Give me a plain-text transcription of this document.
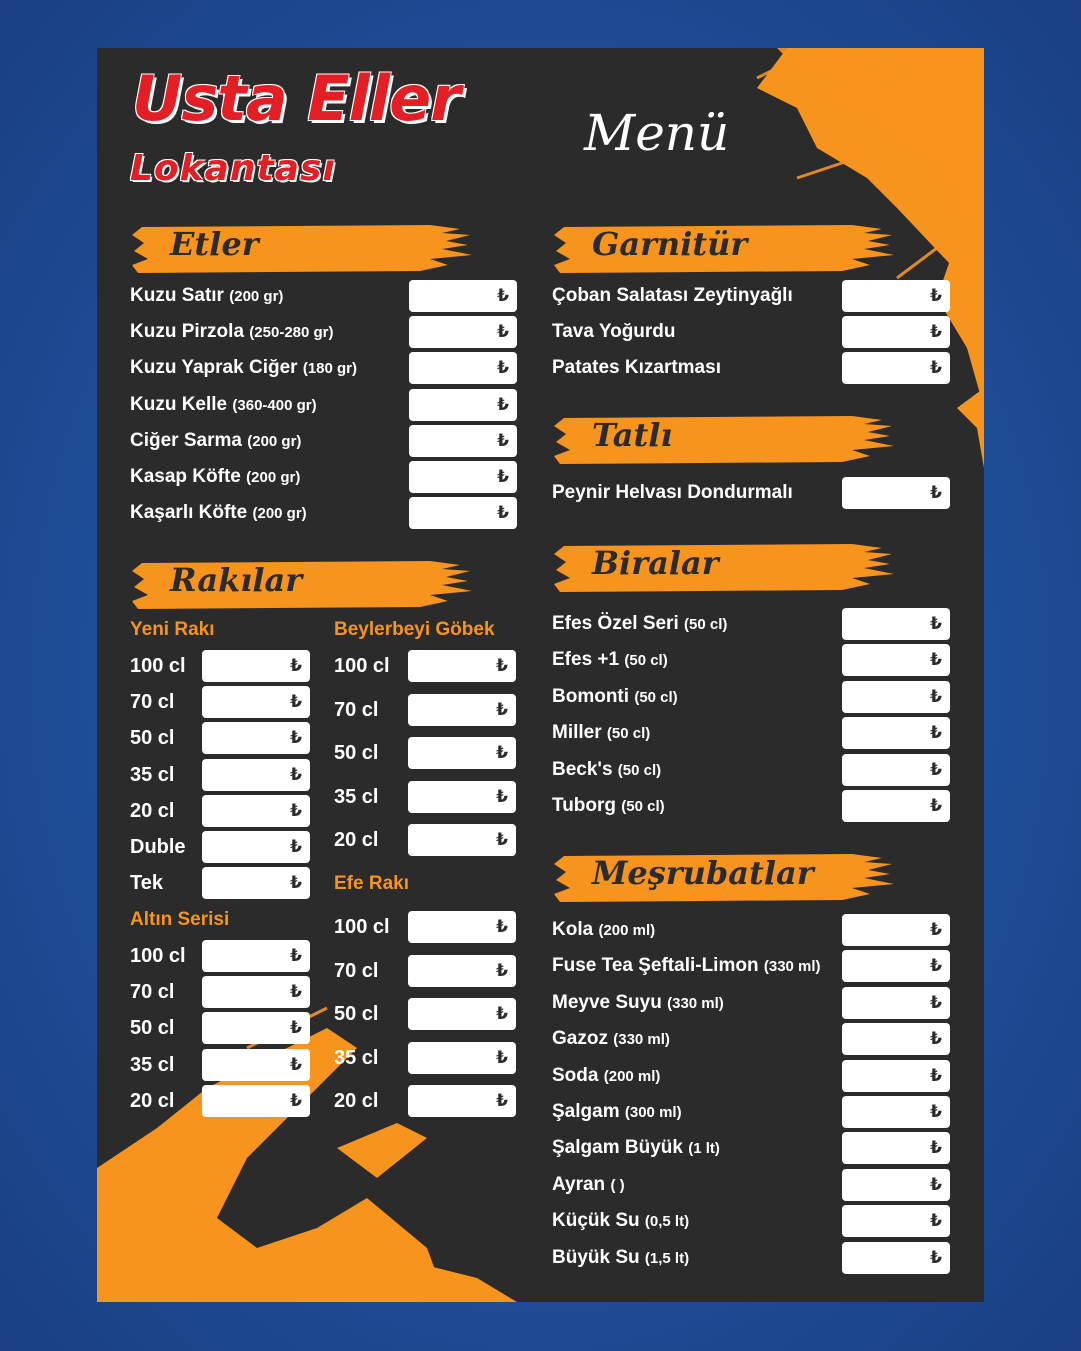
Usta Eller
Lokantası
Menü
Etler
Rakılar
Garnitür
Tatlı
Biralar
Meşrubatlar
Yeni Rakı
Altın Serisi
Beylerbeyi Göbek
Efe Rakı
Kuzu Satır (200 gr)	₺
Kuzu Pirzola (250-280 gr)	₺
Kuzu Yaprak Ciğer (180 gr)	₺
Kuzu Kelle (360-400 gr)	₺
Ciğer Sarma (200 gr)	₺
Kasap Köfte (200 gr)	₺
Kaşarlı Köfte (200 gr)	₺
Çoban Salatası Zeytinyağlı	₺
Tava Yoğurdu	₺
Patates Kızartması	₺
Peynir Helvası Dondurmalı	₺
Efes Özel Seri (50 cl)	₺
Efes +1 (50 cl)	₺
Bomonti (50 cl)	₺
Miller (50 cl)	₺
Beck's (50 cl)	₺
Tuborg (50 cl)	₺
Kola (200 ml)	₺
Fuse Tea Şeftali-Limon (330 ml)	₺
Meyve Suyu (330 ml)	₺
Gazoz (330 ml)	₺
Soda (200 ml)	₺
Şalgam (300 ml)	₺
Şalgam Büyük (1 lt)	₺
Ayran ( )	₺
Küçük Su (0,5 lt)	₺
Büyük Su (1,5 lt)	₺
100 cl	₺
70 cl	₺
50 cl	₺
35 cl	₺
20 cl	₺
Duble	₺
Tek	₺
100 cl	₺
70 cl	₺
50 cl	₺
35 cl	₺
20 cl	₺
100 cl	₺
70 cl	₺
50 cl	₺
35 cl	₺
20 cl	₺
100 cl	₺
70 cl	₺
50 cl	₺
35 cl	₺
20 cl	₺
